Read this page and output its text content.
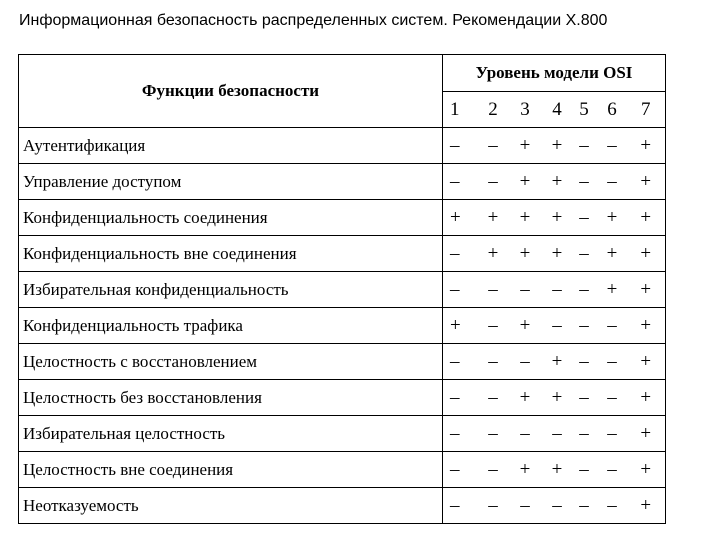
Информационная безопасность распределенных систем. Рекомендации X.800
Функции безопасности	Уровень модели OSI						
	1	2	3	4	5	6	7
Аутентификация	–	–	+	+	–	–	+
Управление доступом	–	–	+	+	–	–	+
Конфиденциальность соединения	+	+	+	+	–	+	+
Конфиденциальность вне соединения	–	+	+	+	–	+	+
Избирательная конфиденциальность	–	–	–	–	–	+	+
Конфиденциальность трафика	+	–	+	–	–	–	+
Целостность с восстановлением	–	–	–	+	–	–	+
Целостность без восстановления	–	–	+	+	–	–	+
Избирательная целостность	–	–	–	–	–	–	+
Целостность вне соединения	–	–	+	+	–	–	+
Неотказуемость	–	–	–	–	–	–	+
